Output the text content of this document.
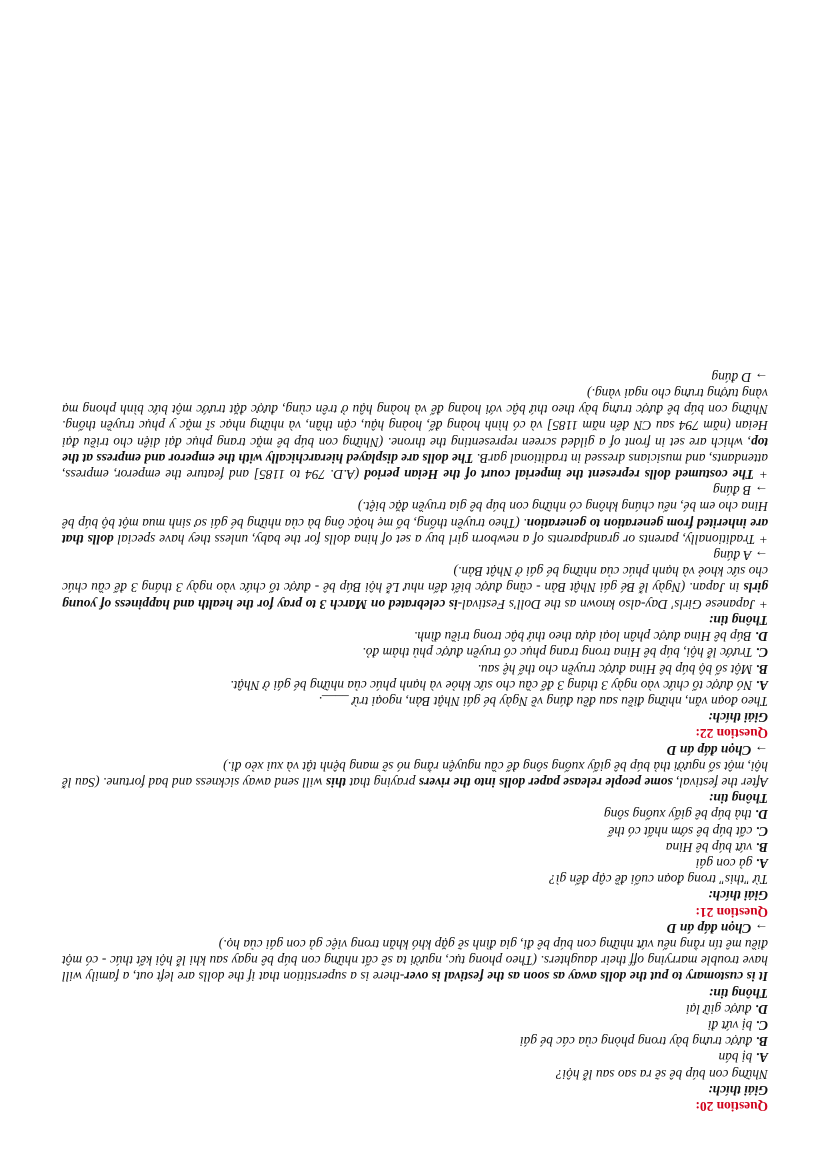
Question 20:

Giải thích:

Những con búp bê sẽ ra sao sau lễ hội?

A. bị bán

B. được trưng bày trong phòng của các bé gái

C. bị vứt đi

D. được giữ lại

Thông tin:

It is customary to put the dolls away as soon as the festival is over-there is a superstition that if the dolls are left out, a family will have trouble marrying off their daughters. (Theo phong tục, người ta sẽ cất những con búp bê ngay sau khi lễ hội kết thúc - có một điều mê tín rằng nếu vứt những con búp bê đi, gia đình sẽ gặp khó khăn trong việc gả con gái của họ.)

→ Chọn đáp án D

Question 21:

Giải thích:

Từ "this" trong đoạn cuối đề cập đến gì?

A. gả con gái

B. vứt búp bê Hina

C. cất búp bê sớm nhất có thể

D. thả búp bê giấy xuống sông

Thông tin:

After the festival, some people release paper dolls into the rivers praying that this will send away sickness and bad fortune. (Sau lễ hội, một số người thả búp bê giấy xuống sông để cầu nguyện rằng nó sẽ mang bệnh tật và xui xẻo đi.)

→ Chọn đáp án D

Question 22:

Giải thích:

Theo đoạn văn, những điều sau đều đúng về Ngày bé gái Nhật Bản, ngoại trừ ____.

A. Nó được tổ chức vào ngày 3 tháng 3 để cầu cho sức khỏe và hạnh phúc của những bé gái ở Nhật.

B. Một số bộ búp bê Hina được truyền cho thế hệ sau.

C. Trước lễ hội, búp bê Hina trong trang phục cổ truyền được phủ thảm đỏ.

D. Búp bê Hina được phân loại dựa theo thứ bậc trong triều đình.

Thông tin:

+ Japanese Girls' Day-also known as the Doll's Festival-is celebrated on March 3 to pray for the health and happiness of young girls in Japan. (Ngày lễ Bé gái Nhật Bản - cũng được biết đến như Lễ hội Búp bê - được tổ chức vào ngày 3 tháng 3 để cầu chúc cho sức khoẻ và hạnh phúc của những bé gái ở Nhật Bản.)

→ A đúng

+ Traditionally, parents or grandparents of a newborn girl buy a set of hina dolls for the baby, unless they have special dolls that are inherited from generation to generation. (Theo truyền thống, bố mẹ hoặc ông bà của những bé gái sơ sinh mua một bộ búp bê Hina cho em bé, nếu chúng không có những con búp bê gia truyền đặc biệt.)

→ B đúng

+ The costumed dolls represent the imperial court of the Heian period (A.D. 794 to 1185] and feature the emperor, empress, attendants, and musicians dressed in traditional garB. The dolls are displayed hierarchically with the emperor and empress at the top, which are set in front of a gilded screen representing the throne. (Những con búp bê mặc trang phục đại diện cho triều đại Heian (năm 794 sau CN đến năm 1185] và có hình hoàng đế, hoàng hậu, cận thần, và những nhạc sĩ mặc y phục truyền thống. Những con búp bê được trưng bày theo thứ bậc với hoàng đế và hoàng hậu ở trên cùng, được đặt trước một bức bình phong mạ vàng tượng trưng cho ngai vàng.)

→ D đúng
